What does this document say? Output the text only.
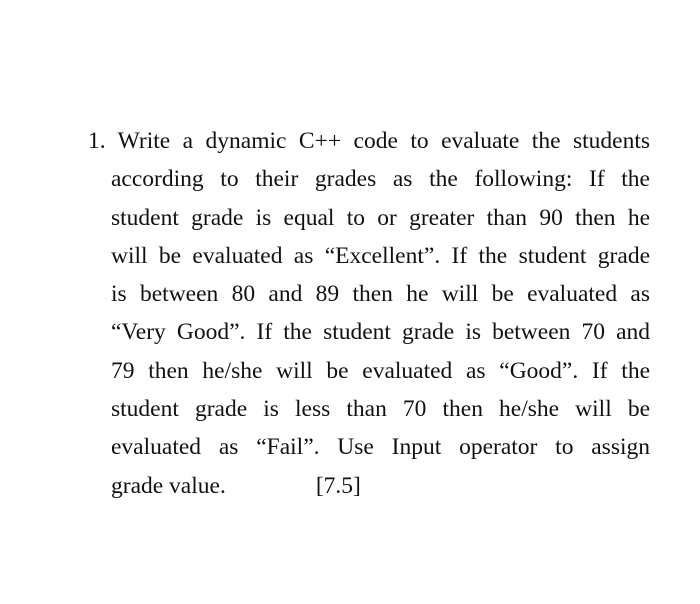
1. Write a dynamic C++ code to evaluate the students
according to their grades as the following: If the
student grade is equal to or greater than 90 then he
will be evaluated as “Excellent”. If the student grade
is between 80 and 89 then he will be evaluated as
“Very Good”. If the student grade is between 70 and
79 then he/she will be evaluated as “Good”. If the
student grade is less than 70 then he/she will be
evaluated as “Fail”. Use Input operator to assign
grade value.	[7.5]
